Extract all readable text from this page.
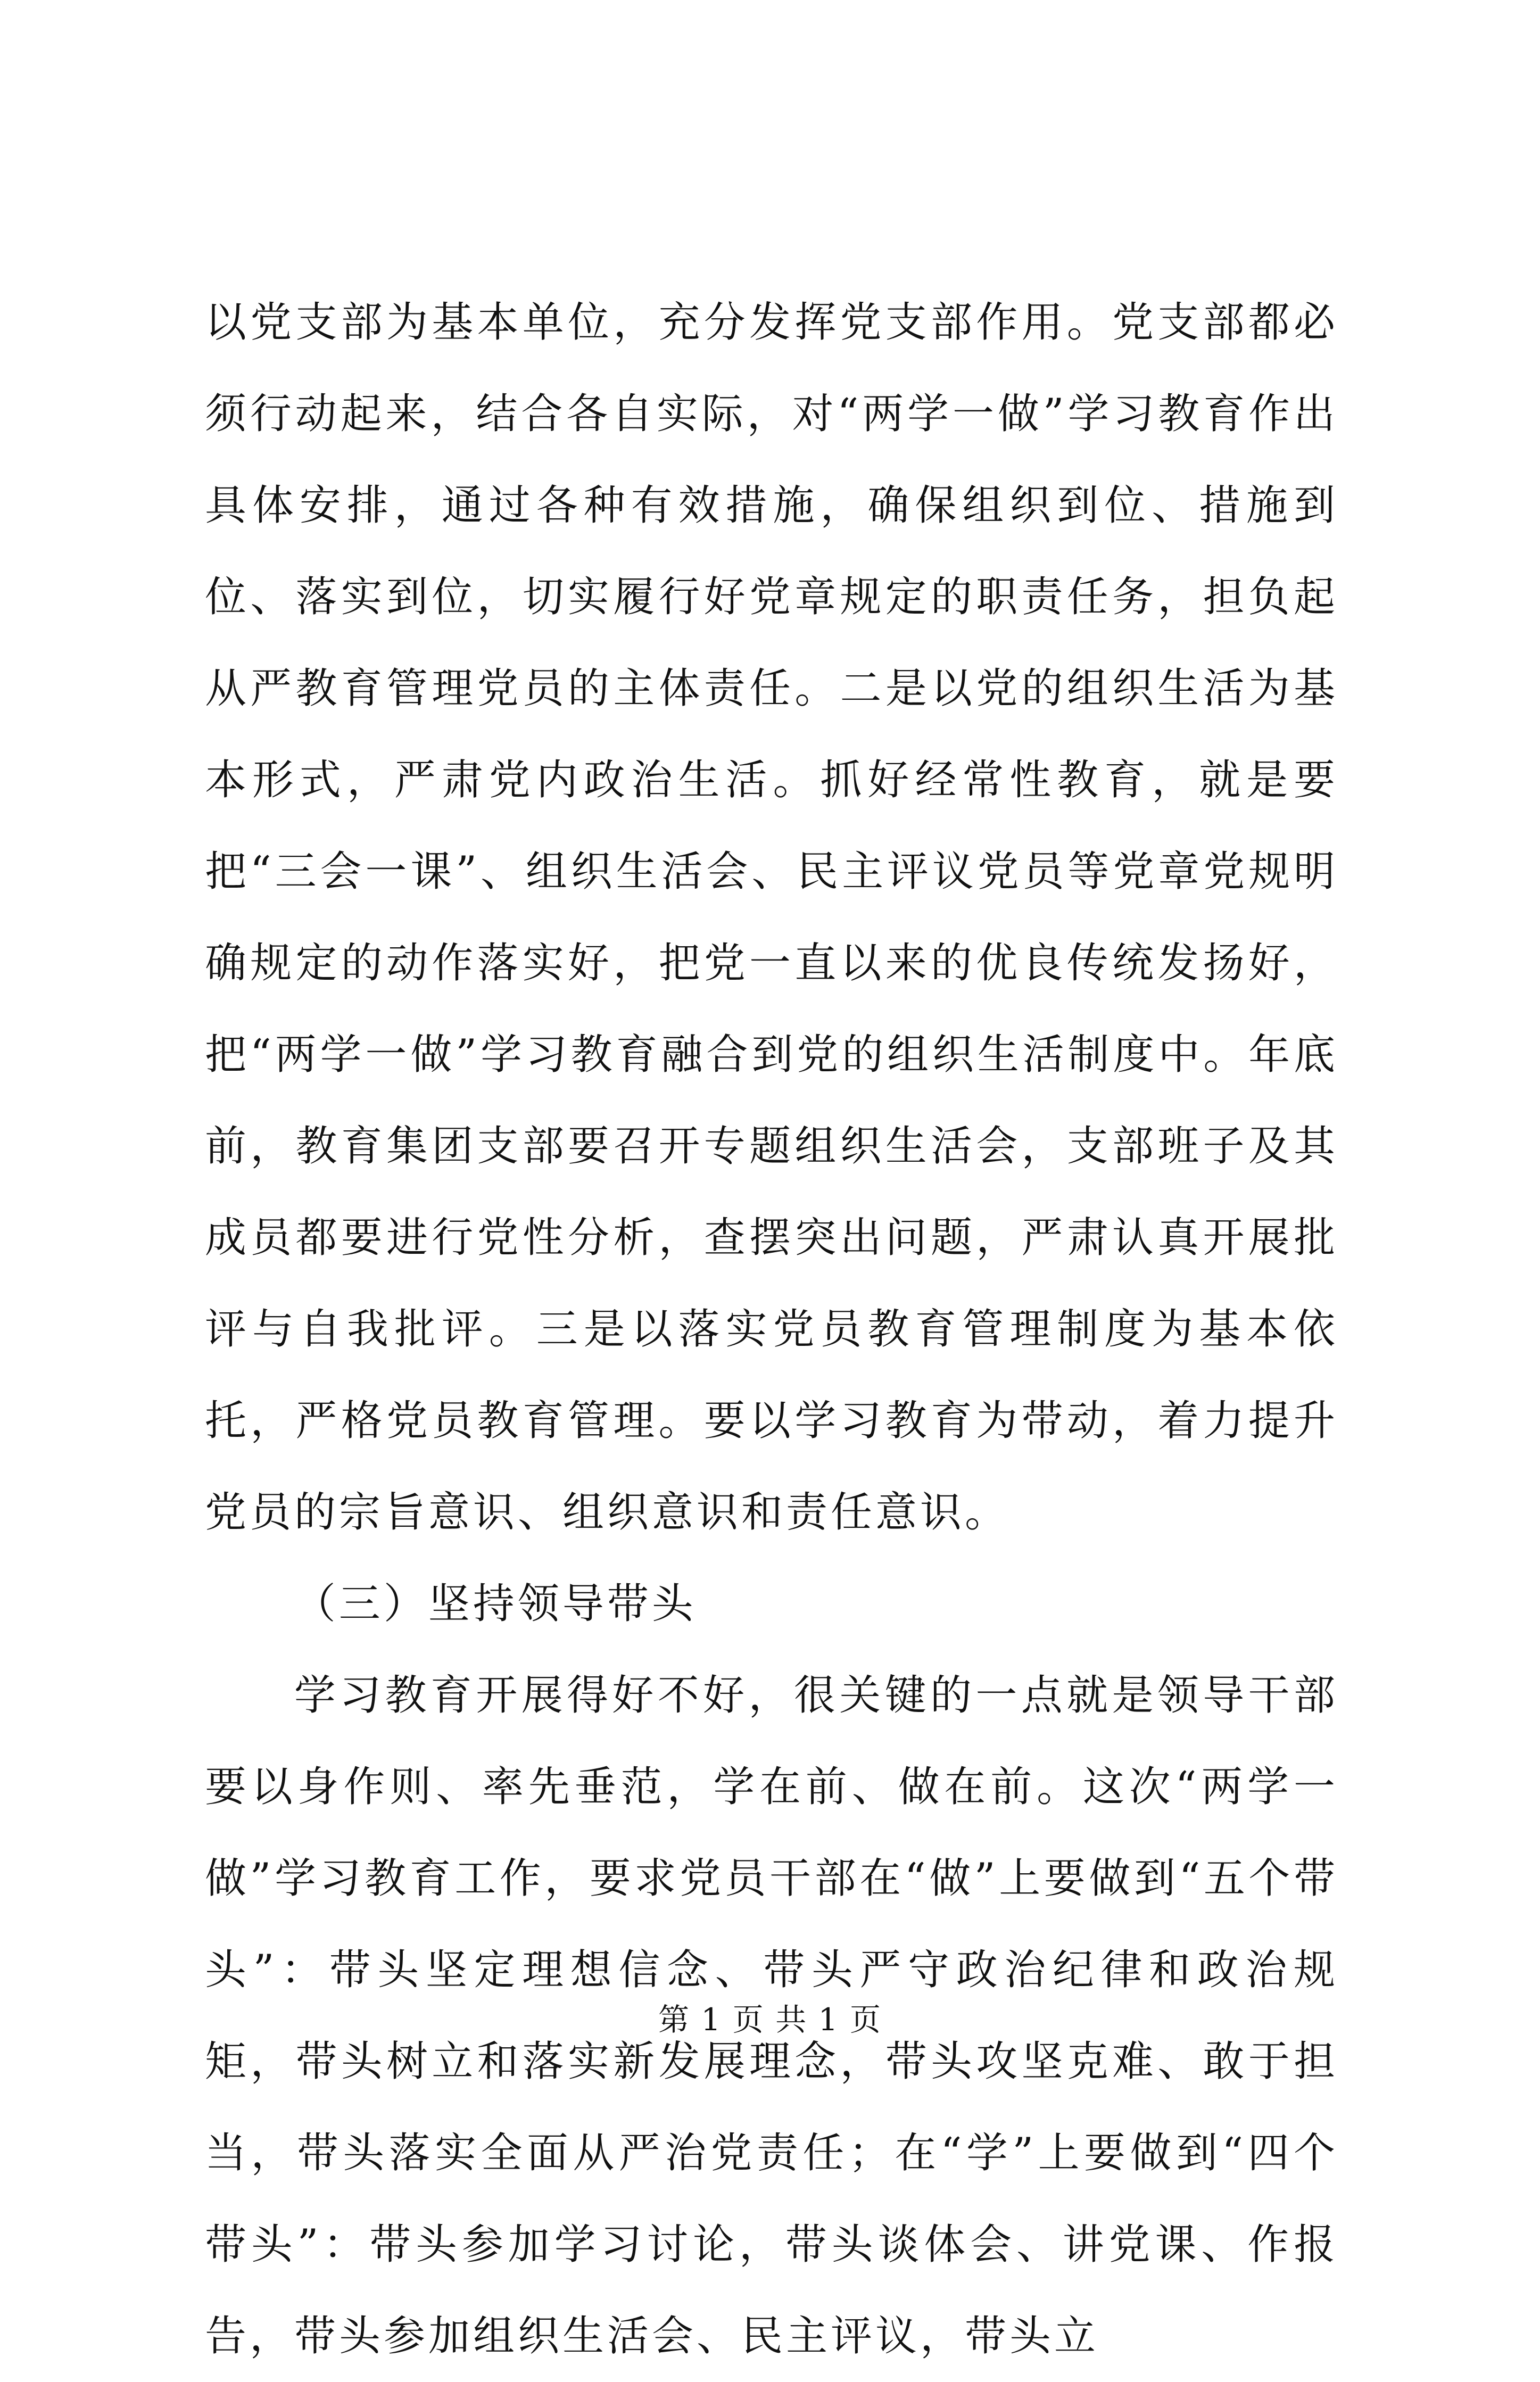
以党支部为基本单位，充分发挥党支部作用。党支部都必须行动起来，结合各自实际，对“两学一做”学习教育作出具体安排，通过各种有效措施，确保组织到位、措施到位、落实到位，切实履行好党章规定的职责任务，担负起从严教育管理党员的主体责任。二是以党的组织生活为基本形式，严肃党内政治生活。抓好经常性教育，就是要把“三会一课”、组织生活会、民主评议党员等党章党规明确规定的动作落实好，把党一直以来的优良传统发扬好，把“两学一做”学习教育融合到党的组织生活制度中。年底前，教育集团支部要召开专题组织生活会，支部班子及其成员都要进行党性分析，查摆突出问题，严肃认真开展批评与自我批评。三是以落实党员教育管理制度为基本依托，严格党员教育管理。要以学习教育为带动，着力提升党员的宗旨意识、组织意识和责任意识。

（三）坚持领导带头

学习教育开展得好不好，很关键的一点就是领导干部要以身作则、率先垂范，学在前、做在前。这次“两学一做”学习教育工作，要求党员干部在“做”上要做到“五个带头”：带头坚定理想信念、带头严守政治纪律和政治规矩，带头树立和落实新发展理念，带头攻坚克难、敢于担当，带头落实全面从严治党责任；在“学”上要做到“四个带头”：带头参加学习讨论，带头谈体会、讲党课、作报告，带头参加组织生活会、民主评议，带头立

第 1 页 共 1 页
